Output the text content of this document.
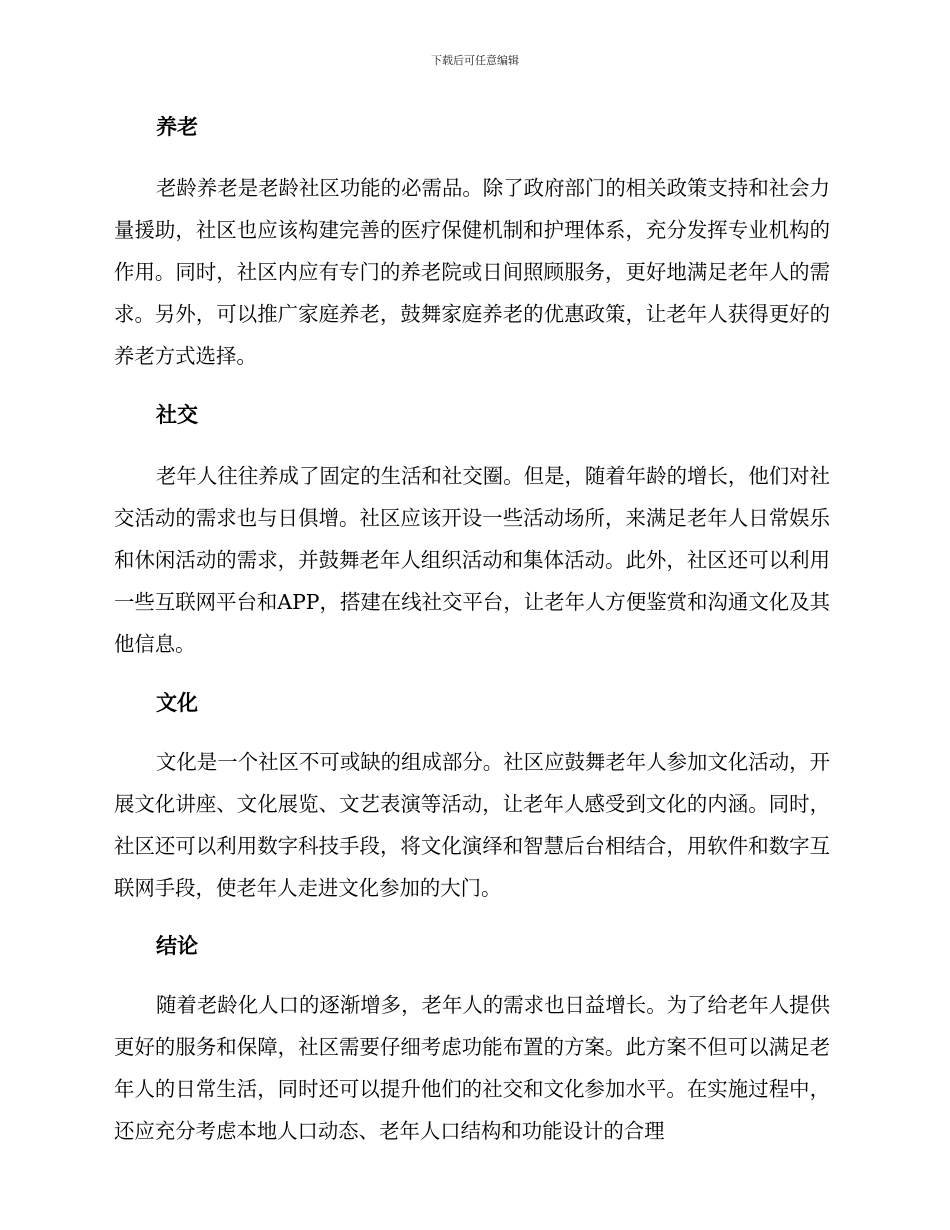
下载后可任意编辑
养老

老龄养老是老龄社区功能的必需品。除了政府部门的相关政策支持和社会力量援助，社区也应该构建完善的医疗保健机制和护理体系，充分发挥专业机构的作用。同时，社区内应有专门的养老院或日间照顾服务，更好地满足老年人的需求。另外，可以推广家庭养老，鼓舞家庭养老的优惠政策，让老年人获得更好的养老方式选择。

社交

老年人往往养成了固定的生活和社交圈。但是，随着年龄的增长，他们对社交活动的需求也与日俱增。社区应该开设一些活动场所，来满足老年人日常娱乐和休闲活动的需求，并鼓舞老年人组织活动和集体活动。此外，社区还可以利用一些互联网平台和APP，搭建在线社交平台，让老年人方便鉴赏和沟通文化及其他信息。

文化

文化是一个社区不可或缺的组成部分。社区应鼓舞老年人参加文化活动，开展文化讲座、文化展览、文艺表演等活动，让老年人感受到文化的内涵。同时，社区还可以利用数字科技手段，将文化演绎和智慧后台相结合，用软件和数字互联网手段，使老年人走进文化参加的大门。

结论

随着老龄化人口的逐渐增多，老年人的需求也日益增长。为了给老年人提供更好的服务和保障，社区需要仔细考虑功能布置的方案。此方案不但可以满足老年人的日常生活，同时还可以提升他们的社交和文化参加水平。在实施过程中，还应充分考虑本地人口动态、老年人口结构和功能设计的合理
